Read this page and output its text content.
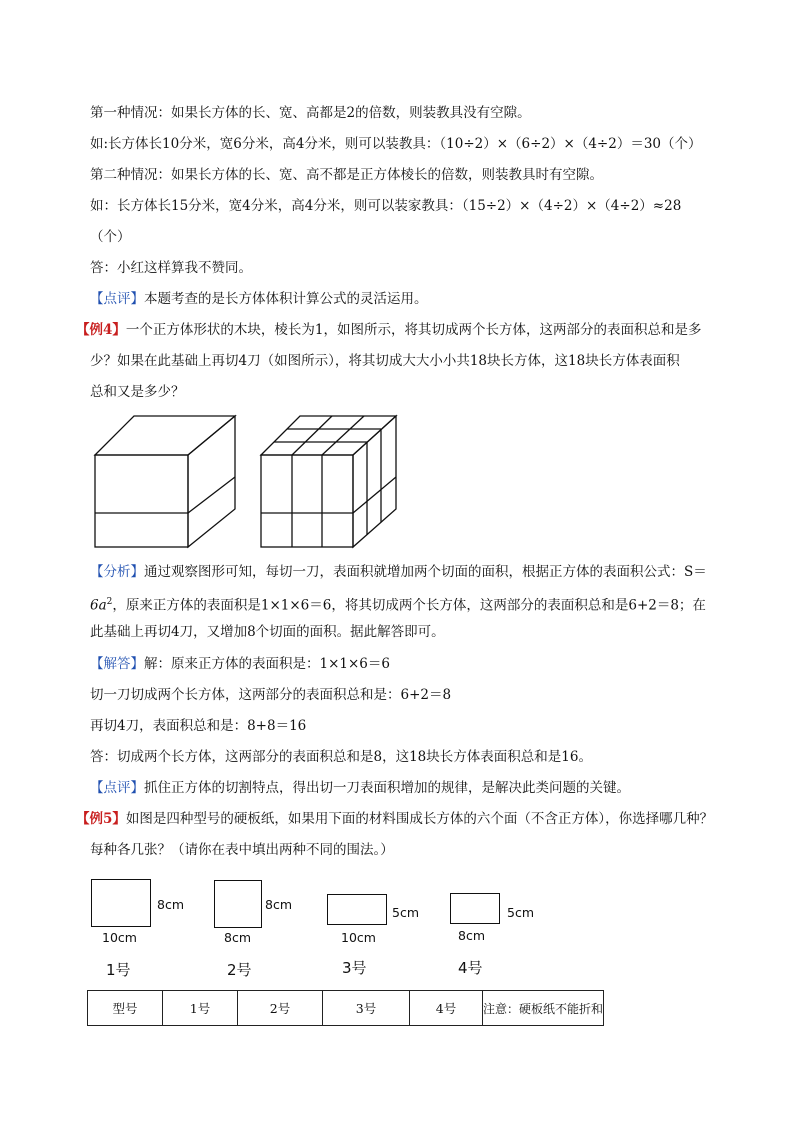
第一种情况：如果长方体的长、宽、高都是2的倍数，则装教具没有空隙。
如:长方体长10分米，宽6分米，高4分米，则可以装教具：（10÷2）×（6÷2）×（4÷2）＝30（个）
第二种情况：如果长方体的长、宽、高不都是正方体棱长的倍数，则装教具时有空隙。
如：长方体长15分米，宽4分米，高4分米，则可以装家教具：（15÷2）×（4÷2）×（4÷2）≈28
（个）
答：小红这样算我不赞同。
【点评】本题考查的是长方体体积计算公式的灵活运用。
【例4】一个正方体形状的木块，棱长为1，如图所示，将其切成两个长方体，这两部分的表面积总和是多
少？如果在此基础上再切4刀（如图所示），将其切成大大小小共18块长方体，这18块长方体表面积
总和又是多少？
【分析】通过观察图形可知，每切一刀，表面积就增加两个切面的面积，根据正方体的表面积公式：S＝
$6a^2$，原来正方体的表面积是1×1×6＝6，将其切成两个长方体，这两部分的表面积总和是6+2＝8；在
此基础上再切4刀，又增加8个切面的面积。据此解答即可。
【解答】解：原来正方体的表面积是：1×1×6＝6
切一刀切成两个长方体，这两部分的表面积总和是：6+2＝8
再切4刀，表面积总和是：8+8＝16
答：切成两个长方体，这两部分的表面积总和是8，这18块长方体表面积总和是16。
【点评】抓住正方体的切割特点，得出切一刀表面积增加的规律，是解决此类问题的关键。
【例5】如图是四种型号的硬板纸，如果用下面的材料围成长方体的六个面（不含正方体），你选择哪几种？
每种各几张？（请你在表中填出两种不同的围法。）
8cm
10cm
1号
8cm
8cm
2号
5cm
10cm
3号
5cm
8cm
4号
型号	1号	2号	3号	4号	注意：硬板纸不能折和
